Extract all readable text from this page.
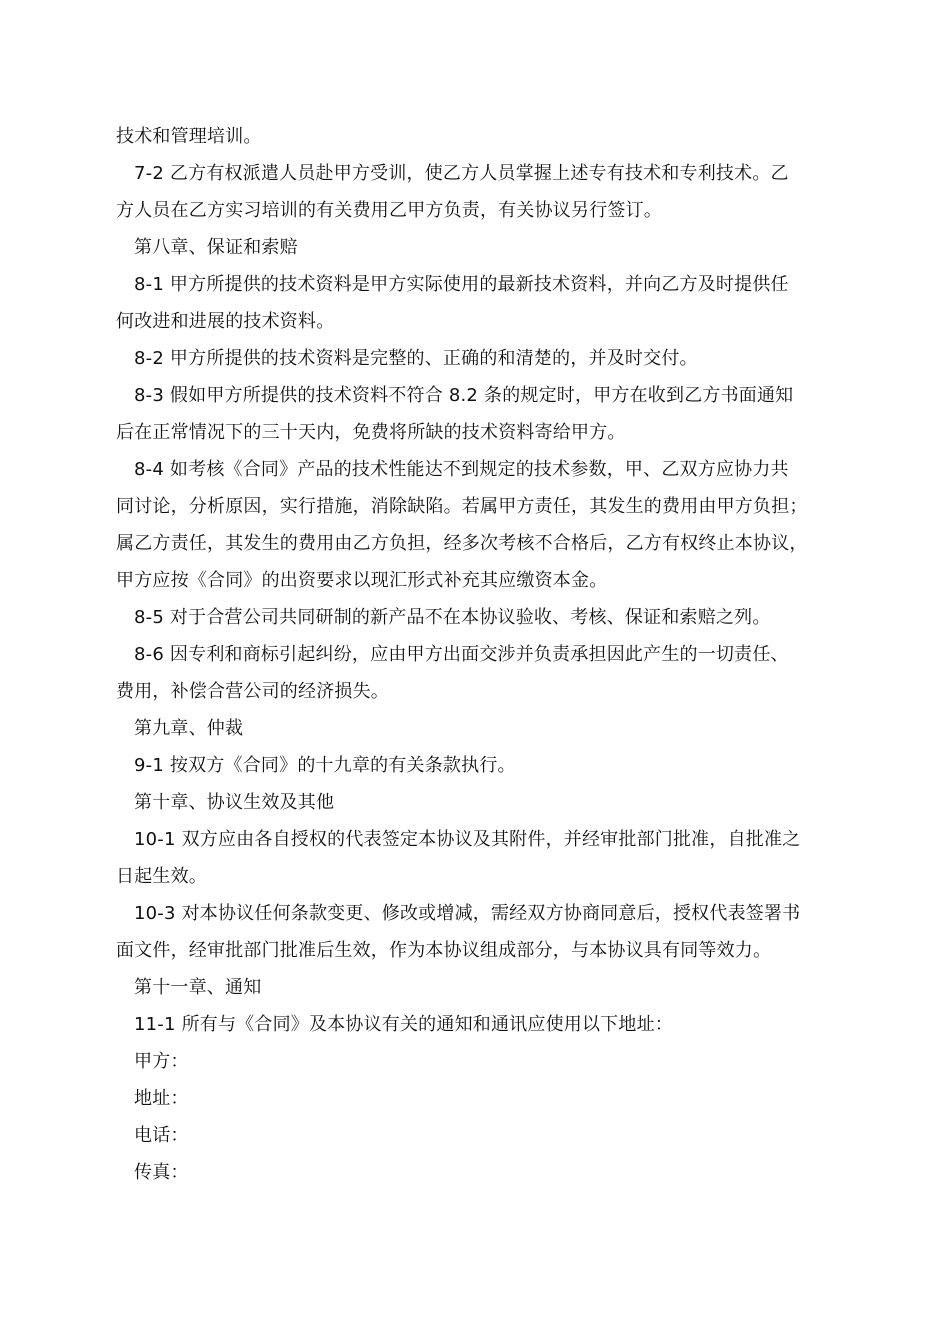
技术和管理培训。
7-2 乙方有权派遣人员赴甲方受训，使乙方人员掌握上述专有技术和专利技术。乙
方人员在乙方实习培训的有关费用乙甲方负责，有关协议另行签订。
第八章、保证和索赔
8-1 甲方所提供的技术资料是甲方实际使用的最新技术资料，并向乙方及时提供任
何改进和进展的技术资料。
8-2 甲方所提供的技术资料是完整的、正确的和清楚的，并及时交付。
8-3 假如甲方所提供的技术资料不符合 8.2 条的规定时，甲方在收到乙方书面通知
后在正常情况下的三十天内，免费将所缺的技术资料寄给甲方。
8-4 如考核《合同》产品的技术性能达不到规定的技术参数，甲、乙双方应协力共
同讨论，分析原因，实行措施，消除缺陷。若属甲方责任，其发生的费用由甲方负担；
属乙方责任，其发生的费用由乙方负担，经多次考核不合格后，乙方有权终止本协议，
甲方应按《合同》的出资要求以现汇形式补充其应缴资本金。
8-5 对于合营公司共同研制的新产品不在本协议验收、考核、保证和索赔之列。
8-6 因专利和商标引起纠纷，应由甲方出面交涉并负责承担因此产生的一切责任、
费用，补偿合营公司的经济损失。
第九章、仲裁
9-1 按双方《合同》的十九章的有关条款执行。
第十章、协议生效及其他
10-1 双方应由各自授权的代表签定本协议及其附件，并经审批部门批准，自批准之
日起生效。
10-3 对本协议任何条款变更、修改或增减，需经双方协商同意后，授权代表签署书
面文件，经审批部门批准后生效，作为本协议组成部分，与本协议具有同等效力。
第十一章、通知
11-1 所有与《合同》及本协议有关的通知和通讯应使用以下地址：
甲方：
地址：
电话：
传真：
